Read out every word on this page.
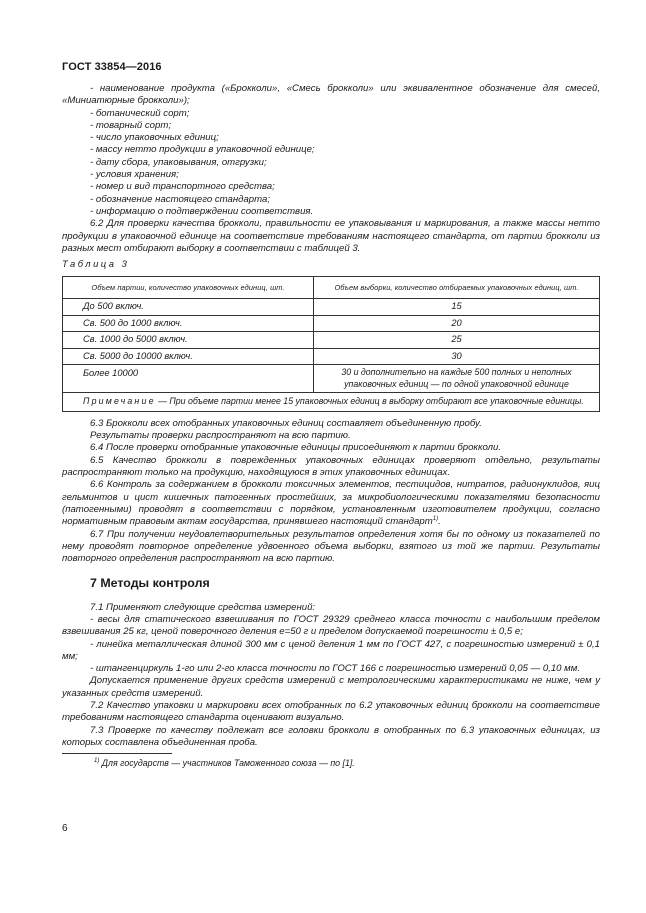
ГОСТ 33854—2016

- наименование продукта («Брокколи», «Смесь брокколи» или эквивалентное обозначение для смесей, «Миниатюрные брокколи»);

- ботанический сорт;

- товарный сорт;

- число упаковочных единиц;

- массу нетто продукции в упаковочной единице;

- дату сбора, упаковывания, отгрузки;

- условия хранения;

- номер и вид транспортного средства;

- обозначение настоящего стандарта;

- информацию о подтверждении соответствия.

6.2 Для проверки качества брокколи, правильности ее упаковывания и маркирования, а также массы нетто продукции в упаковочной единице на соответствие требованиям настоящего стандарта, от партии брокколи из разных мест отбирают выборку в соответствии с таблицей 3.

Таблица 3

Объем партии, количество упаковочных единиц, шт.	Объем выборки, количество отбираемых упаковочных единиц, шт.
До 500 включ.	15
Св. 500 до 1000 включ.	20
Св. 1000 до 5000 включ.	25
Св. 5000 до 10000 включ.	30
Более 10000	30 и дополнительно на каждые 500 полных и неполных упаковочных единиц — по одной упаковочной единице
Примечание — При объеме партии менее 15 упаковочных единиц в выборку отбирают все упаковочные единицы.	

6.3 Брокколи всех отобранных упаковочных единиц составляет объединенную пробу.

Результаты проверки распространяют на всю партию.

6.4 После проверки отобранные упаковочные единицы присоединяют к партии брокколи.

6.5 Качество брокколи в поврежденных упаковочных единицах проверяют отдельно, результаты распространяют только на продукцию, находящуюся в этих упаковочных единицах.

6.6 Контроль за содержанием в брокколи токсичных элементов, пестицидов, нитратов, радионуклидов, яиц гельминтов и цист кишечных патогенных простейших, за микробиологическими показателями безопасности (патогенными) проводят в соответствии с порядком, установленным изготовителем продукции, согласно нормативным правовым актам государства, принявшего настоящий стандарт$^{1)}$.

6.7 При получении неудовлетворительных результатов определения хотя бы по одному из показателей по нему проводят повторное определение удвоенного объема выборки, взятого из той же партии. Результаты повторного определения распространяют на всю партию.

7 Методы контроля

7.1 Применяют следующие средства измерений:

- весы для статического взвешивания по ГОСТ 29329 среднего класса точности с наибольшим пределом взвешивания 25 кг, ценой поверочного деления е=50 г и пределом допускаемой погрешности ± 0,5 е;

- линейка металлическая длиной 300 мм с ценой деления 1 мм по ГОСТ 427, с погрешностью измерений ± 0,1 мм;

- штангенциркуль 1-го или 2-го класса точности по ГОСТ 166 с погрешностью измерений 0,05 — 0,10 мм.

Допускается применение других средств измерений с метрологическими характеристиками не ниже, чем у указанных средств измерений.

7.2 Качество упаковки и маркировки всех отобранных по 6.2 упаковочных единиц брокколи на соответствие требованиям настоящего стандарта оценивают визуально.

7.3 Проверке по качеству подлежат все головки брокколи в отобранных по 6.3 упаковочных единицах, из которых составлена объединенная проба.

$^{1)}$ Для государств — участников Таможенного союза — по [1].

6
